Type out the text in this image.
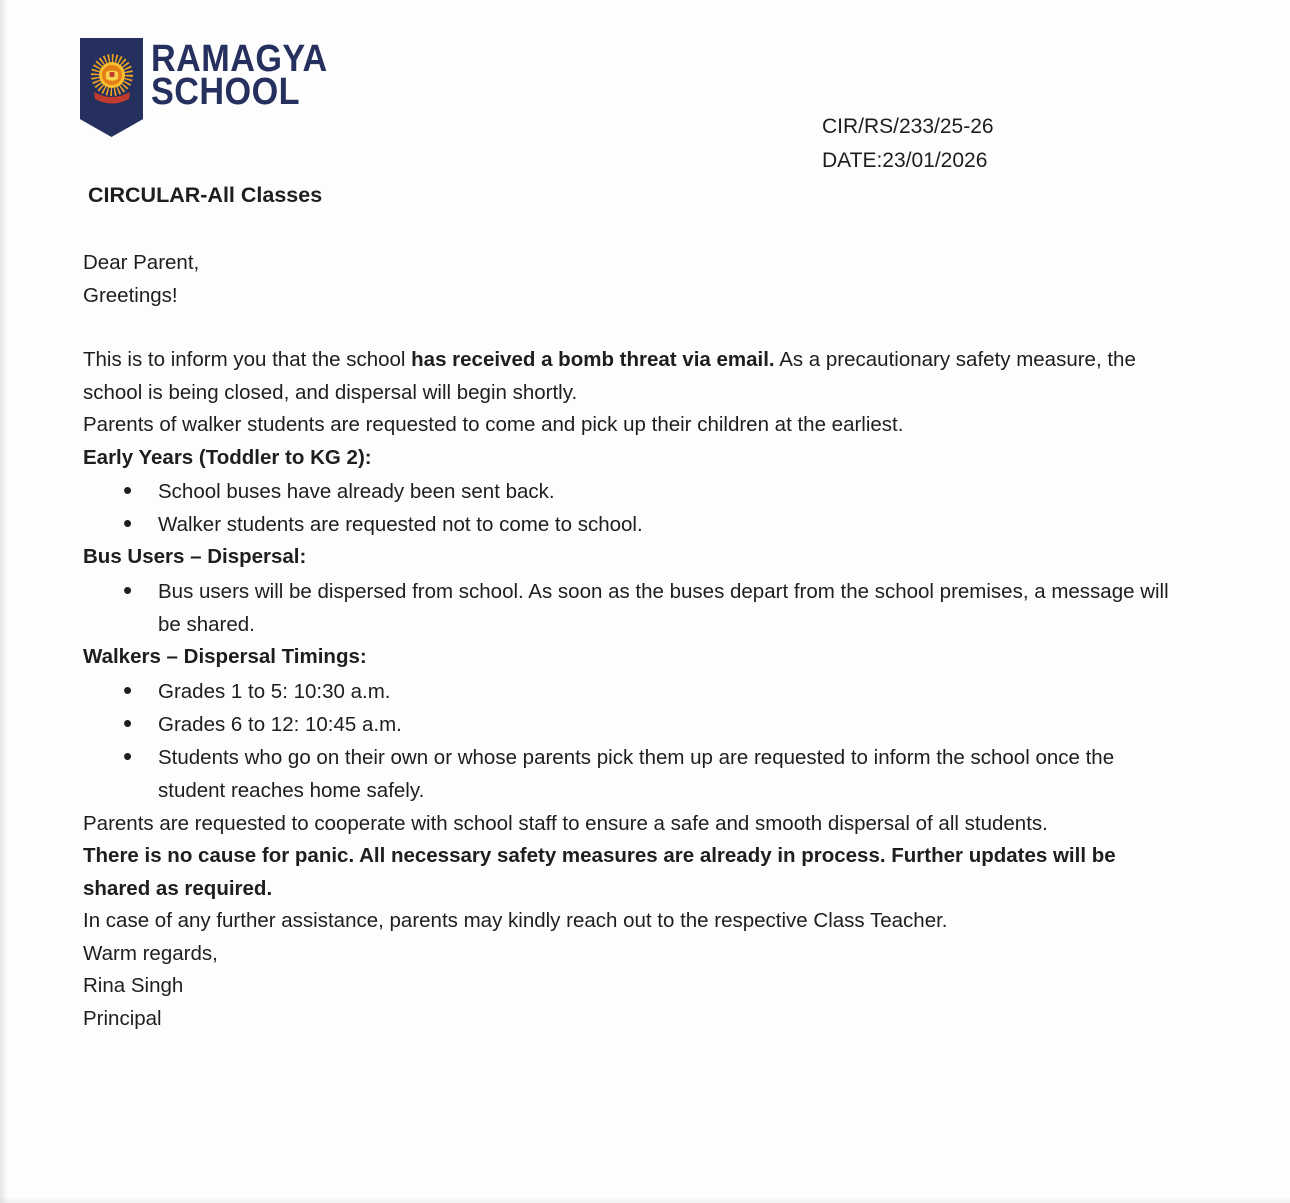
RAMAGYA
SCHOOL
CIR/RS/233/25-26
DATE:23/01/2026
CIRCULAR-All Classes

Dear Parent,

Greetings!

This is to inform you that the school has received a bomb threat via email. As a precautionary safety measure, the school is being closed, and dispersal will begin shortly.

Parents of walker students are requested to come and pick up their children at the earliest.

Early Years (Toddler to KG 2):

• School buses have already been sent back.
• Walker students are requested not to come to school.

Bus Users – Dispersal:

• Bus users will be dispersed from school. As soon as the buses depart from the school premises, a message will be shared.

Walkers – Dispersal Timings:

• Grades 1 to 5: 10:30 a.m.
• Grades 6 to 12: 10:45 a.m.
• Students who go on their own or whose parents pick them up are requested to inform the school once the student reaches home safely.

Parents are requested to cooperate with school staff to ensure a safe and smooth dispersal of all students.

There is no cause for panic. All necessary safety measures are already in process. Further updates will be shared as required.

In case of any further assistance, parents may kindly reach out to the respective Class Teacher.

Warm regards,

Rina Singh

Principal
